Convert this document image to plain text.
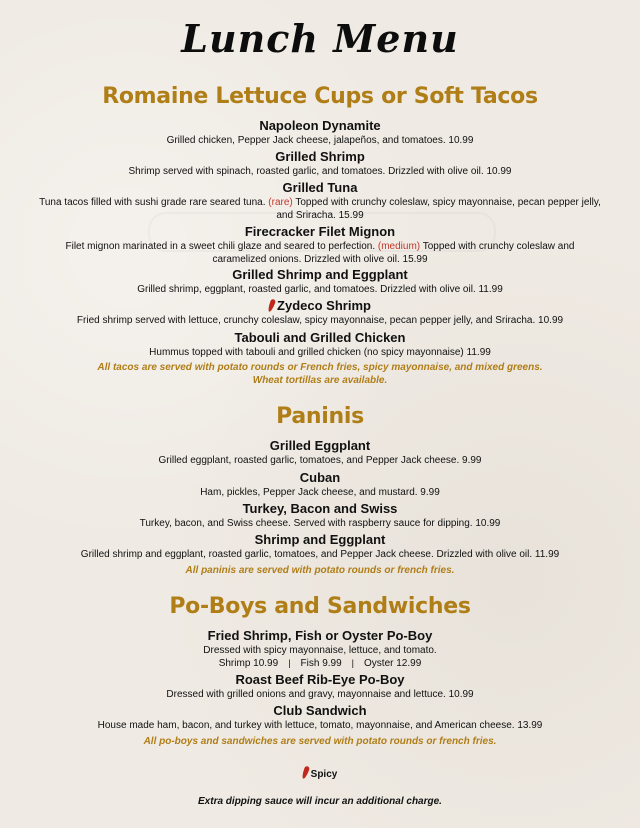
Lunch Menu
Romaine Lettuce Cups or Soft Tacos
Napoleon Dynamite
Grilled chicken, Pepper Jack cheese, jalapeños, and tomatoes. 10.99
Grilled Shrimp
Shrimp served with spinach, roasted garlic, and tomatoes. Drizzled with olive oil. 10.99
Grilled Tuna
Tuna tacos filled with sushi grade rare seared tuna. (rare) Topped with crunchy coleslaw, spicy mayonnaise, pecan pepper jelly, and Sriracha. 15.99
Firecracker Filet Mignon
Filet mignon marinated in a sweet chili glaze and seared to perfection. (medium) Topped with crunchy coleslaw and caramelized onions. Drizzled with olive oil. 15.99
Grilled Shrimp and Eggplant
Grilled shrimp, eggplant, roasted garlic, and tomatoes. Drizzled with olive oil. 11.99
Zydeco Shrimp
Fried shrimp served with lettuce, crunchy coleslaw, spicy mayonnaise, pecan pepper jelly, and Sriracha. 10.99
Tabouli and Grilled Chicken
Hummus topped with tabouli and grilled chicken (no spicy mayonnaise) 11.99
All tacos are served with potato rounds or French fries, spicy mayonnaise, and mixed greens.
Wheat tortillas are available.
Paninis
Grilled Eggplant
Grilled eggplant, roasted garlic, tomatoes, and Pepper Jack cheese. 9.99
Cuban
Ham, pickles, Pepper Jack cheese, and mustard. 9.99
Turkey, Bacon and Swiss
Turkey, bacon, and Swiss cheese. Served with raspberry sauce for dipping. 10.99
Shrimp and Eggplant
Grilled shrimp and eggplant, roasted garlic, tomatoes, and Pepper Jack cheese. Drizzled with olive oil. 11.99
All paninis are served with potato rounds or french fries.
Po-Boys and Sandwiches
Fried Shrimp, Fish or Oyster Po-Boy
Dressed with spicy mayonnaise, lettuce, and tomato.
Shrimp 10.99 | Fish 9.99 | Oyster 12.99
Roast Beef Rib-Eye Po-Boy
Dressed with grilled onions and gravy, mayonnaise and lettuce. 10.99
Club Sandwich
House made ham, bacon, and turkey with lettuce, tomato, mayonnaise, and American cheese. 13.99
All po-boys and sandwiches are served with potato rounds or french fries.
Spicy
Extra dipping sauce will incur an additional charge.
